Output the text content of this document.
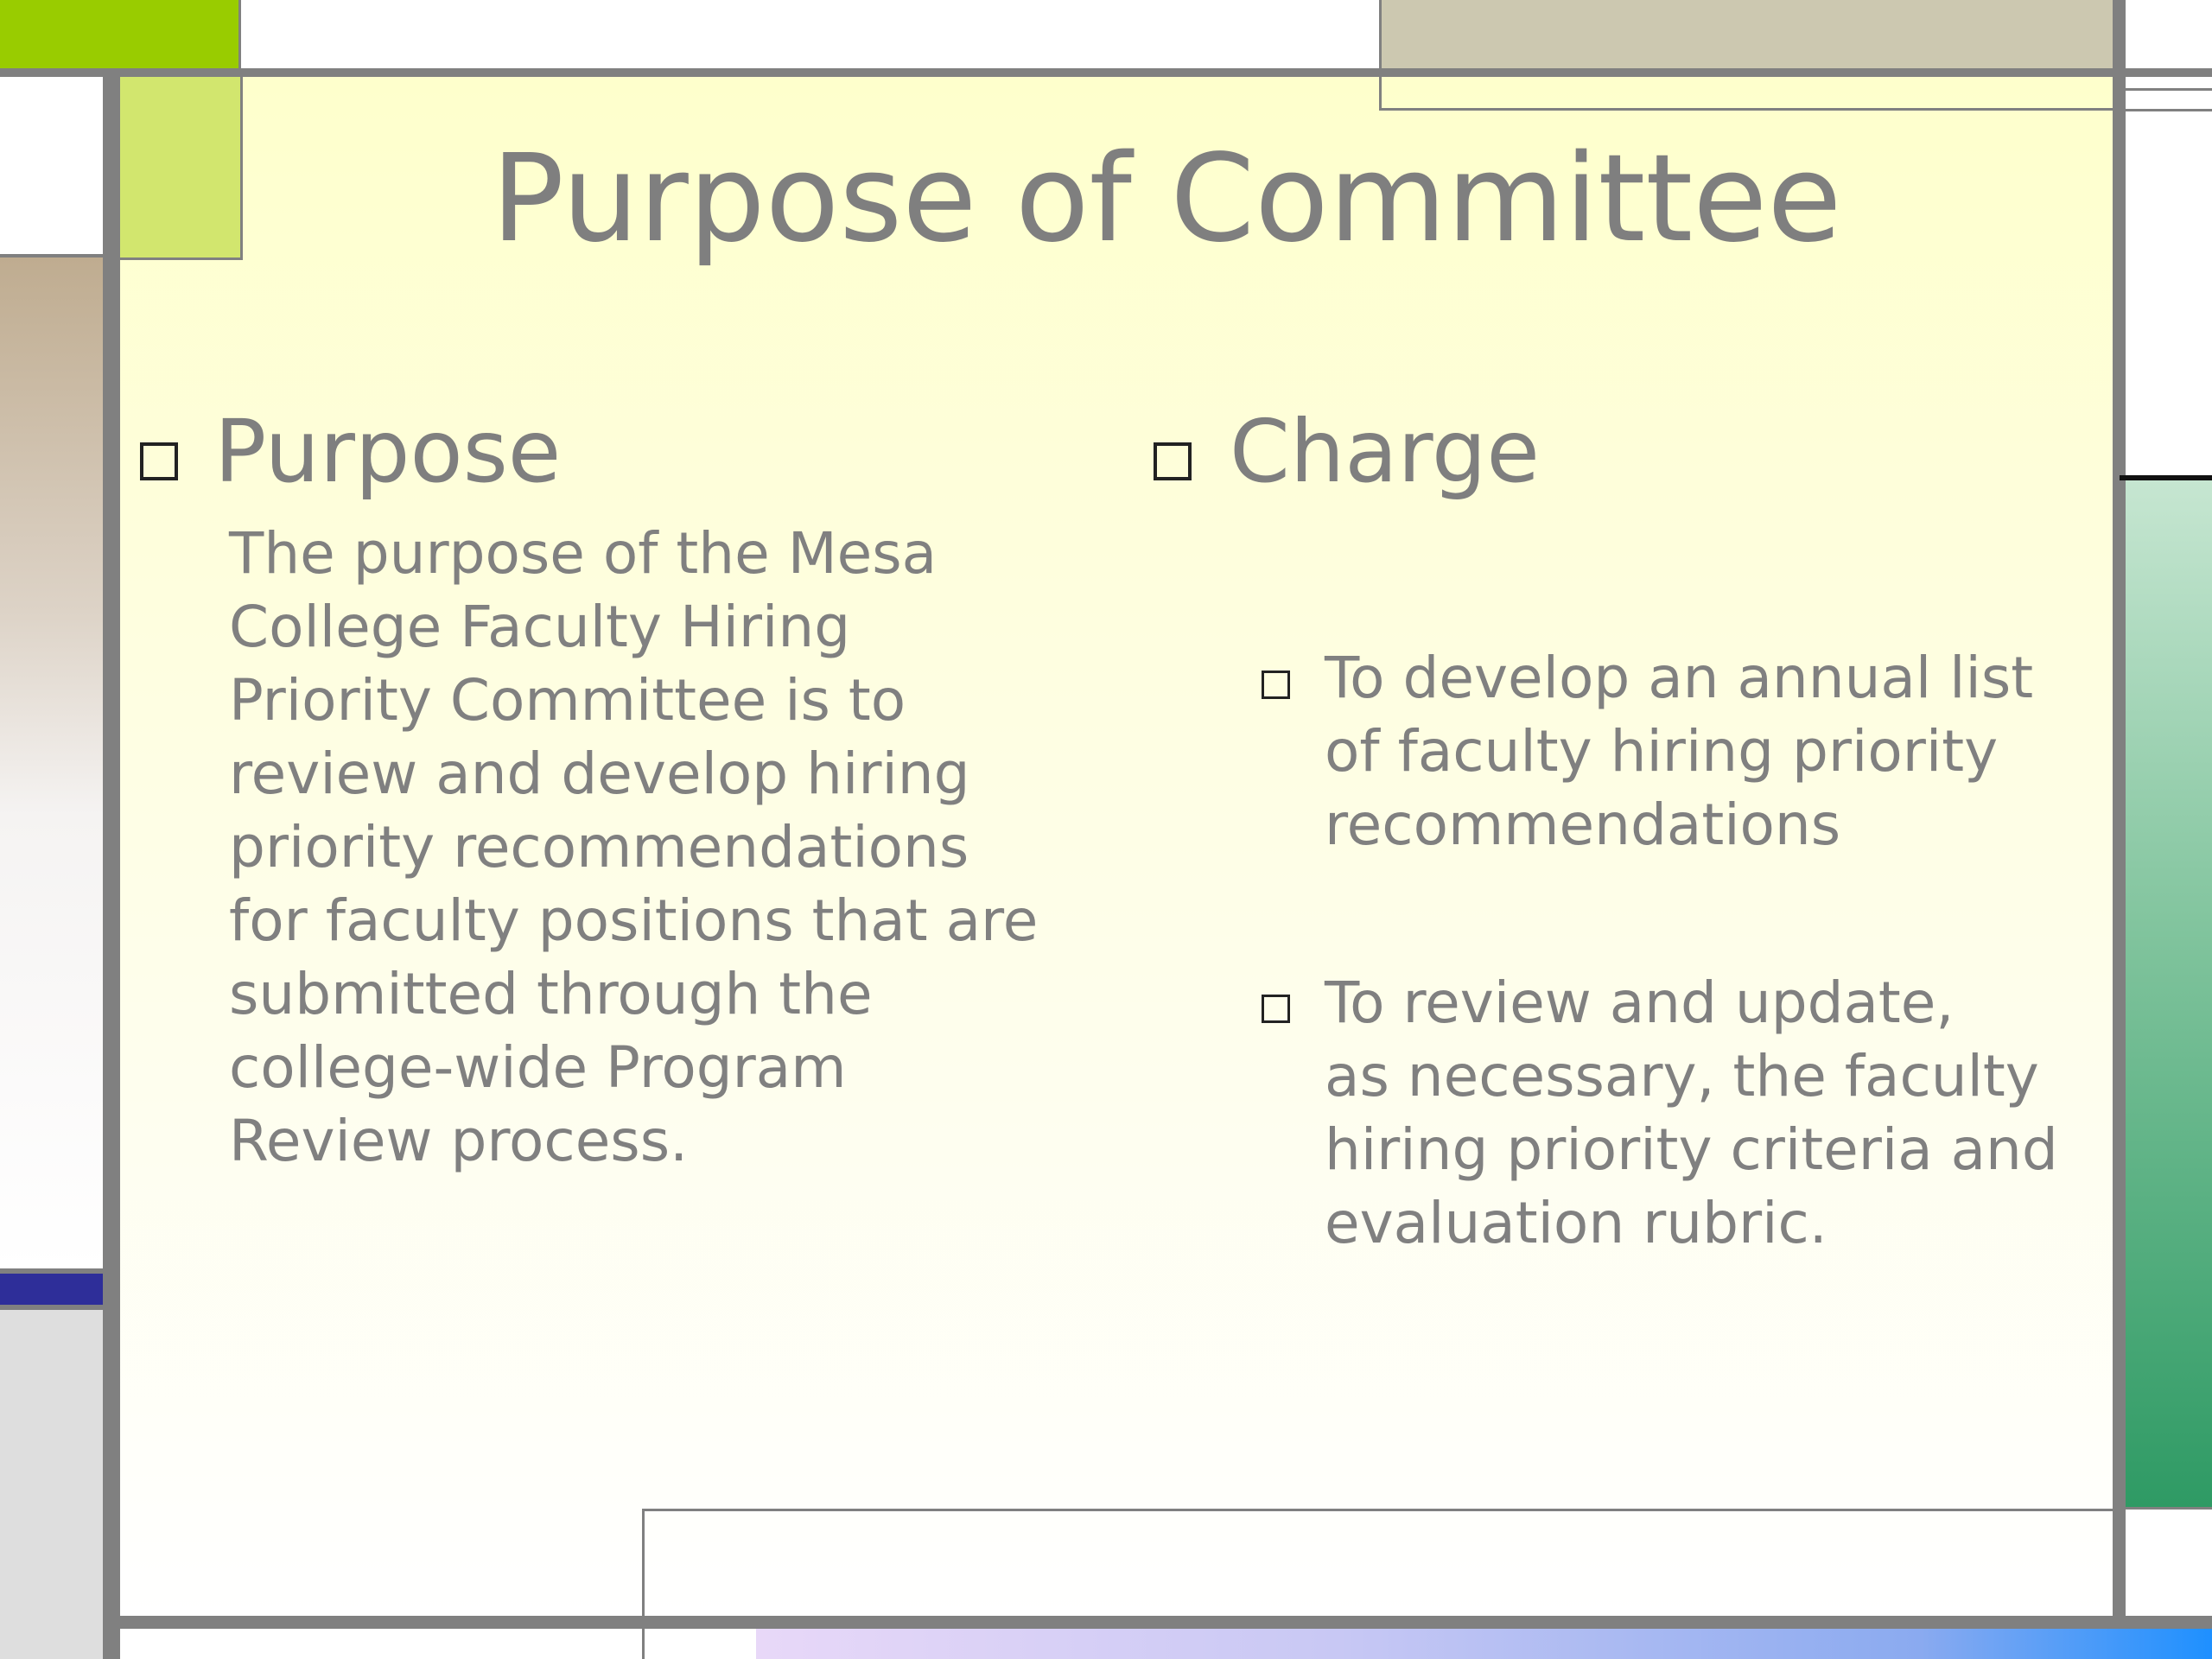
Purpose of Committee
Purpose
The purpose of the Mesa
College Faculty Hiring
Priority Committee is to
review and develop hiring
priority recommendations
for faculty positions that are
submitted through the
college-wide Program
Review process.
Charge
To develop an annual list
of faculty hiring priority
recommendations
To review and update,
as necessary, the faculty
hiring priority criteria and
evaluation rubric.
